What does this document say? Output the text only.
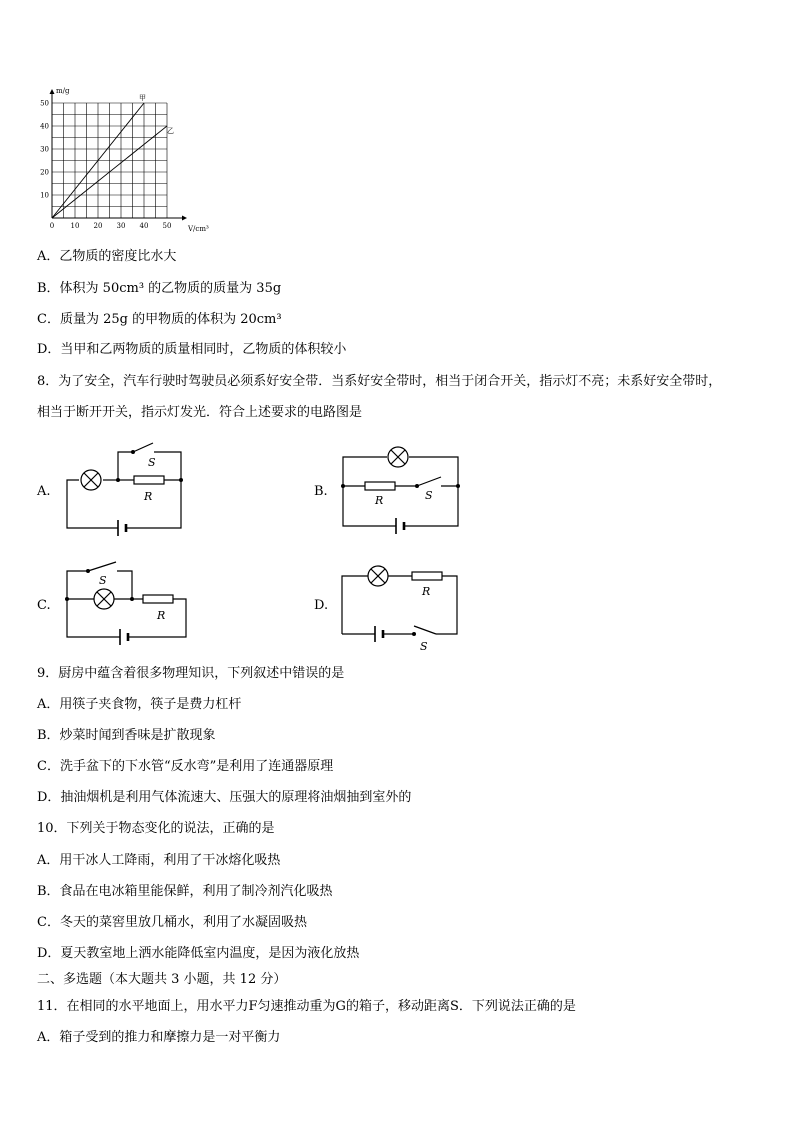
10
20
30
40
50
0 10 20 30 40 50
m/g
V/cm³
甲
乙
A．乙物质的密度比水大
B．体积为 50cm³ 的乙物质的质量为 35g
C．质量为 25g 的甲物质的体积为 20cm³
D．当甲和乙两物质的质量相同时，乙物质的体积较小
8．为了安全，汽车行驶时驾驶员必须系好安全带．当系好安全带时，相当于闭合开关，指示灯不亮；未系好安全带时，
相当于断开开关，指示灯发光．符合上述要求的电路图是
A.	B.
C.	D.
S
R	R	S
S
R
R
S
9．厨房中蕴含着很多物理知识，下列叙述中错误的是
A．用筷子夹食物，筷子是费力杠杆
B．炒菜时闻到香味是扩散现象
C．洗手盆下的下水管“反水弯”是利用了连通器原理
D．抽油烟机是利用气体流速大、压强大的原理将油烟抽到室外的
10．下列关于物态变化的说法，正确的是
A．用干冰人工降雨，利用了干冰熔化吸热
B．食品在电冰箱里能保鲜，利用了制冷剂汽化吸热
C．冬天的菜窖里放几桶水，利用了水凝固吸热
D．夏天教室地上洒水能降低室内温度，是因为液化放热
二、多选题（本大题共 3 小题，共 12 分）
11．在相同的水平地面上，用水平力F匀速推动重为G的箱子，移动距离S．下列说法正确的是
A．箱子受到的推力和摩擦力是一对平衡力
